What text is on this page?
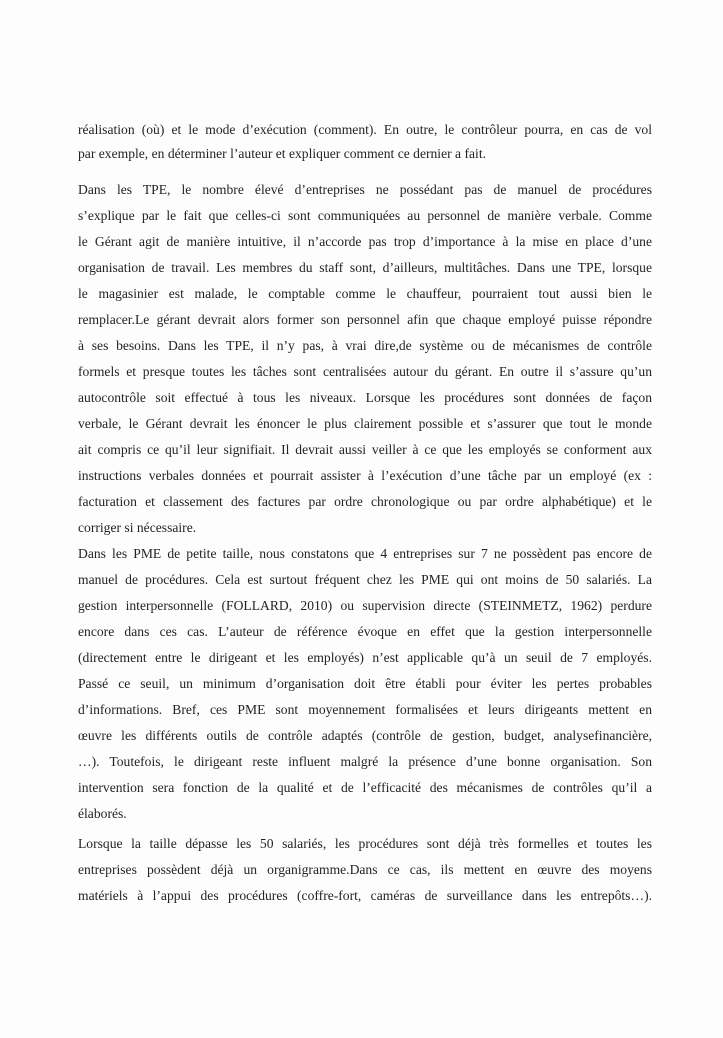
réalisation (où) et le mode d’exécution (comment). En outre, le contrôleur pourra, en cas de vol
par exemple, en déterminer l’auteur et expliquer comment ce dernier a fait.
Dans les TPE, le nombre élevé d’entreprises ne possédant pas de manuel de procédures
s’explique par le fait que celles-ci sont communiquées au personnel de manière verbale. Comme
le Gérant agit de manière intuitive, il n’accorde pas trop d’importance à la mise en place d’une
organisation de travail. Les membres du staff sont, d’ailleurs, multitâches. Dans une TPE, lorsque
le magasinier est malade, le comptable comme le chauffeur, pourraient tout aussi bien le
remplacer.Le gérant devrait alors former son personnel afin que chaque employé puisse répondre
à ses besoins. Dans les TPE, il n’y pas, à vrai dire,de système ou de mécanismes de contrôle
formels et presque toutes les tâches sont centralisées autour du gérant. En outre il s’assure qu’un
autocontrôle soit effectué à tous les niveaux. Lorsque les procédures sont données de façon
verbale, le Gérant devrait les énoncer le plus clairement possible et s’assurer que tout le monde
ait compris ce qu’il leur signifiait. Il devrait aussi veiller à ce que les employés se conforment aux
instructions verbales données et pourrait assister à l’exécution d’une tâche par un employé (ex :
facturation et classement des factures par ordre chronologique ou par ordre alphabétique) et le
corriger si nécessaire.
Dans les PME de petite taille, nous constatons que 4 entreprises sur 7 ne possèdent pas encore de
manuel de procédures. Cela est surtout fréquent chez les PME qui ont moins de 50 salariés. La
gestion interpersonnelle (FOLLARD, 2010) ou supervision directe (STEINMETZ, 1962) perdure
encore dans ces cas. L’auteur de référence évoque en effet que la gestion interpersonnelle
(directement entre le dirigeant et les employés) n’est applicable qu’à un seuil de 7 employés.
Passé ce seuil, un minimum d’organisation doit être établi pour éviter les pertes probables
d’informations. Bref, ces PME sont moyennement formalisées et leurs dirigeants mettent en
œuvre les différents outils de contrôle adaptés (contrôle de gestion, budget, analysefinancière,
…). Toutefois, le dirigeant reste influent malgré la présence d’une bonne organisation. Son
intervention sera fonction de la qualité et de l’efficacité des mécanismes de contrôles qu’il a
élaborés.
Lorsque la taille dépasse les 50 salariés, les procédures sont déjà très formelles et toutes les
entreprises possèdent déjà un organigramme.Dans ce cas, ils mettent en œuvre des moyens
matériels à l’appui des procédures (coffre-fort, caméras de surveillance dans les entrepôts…).
